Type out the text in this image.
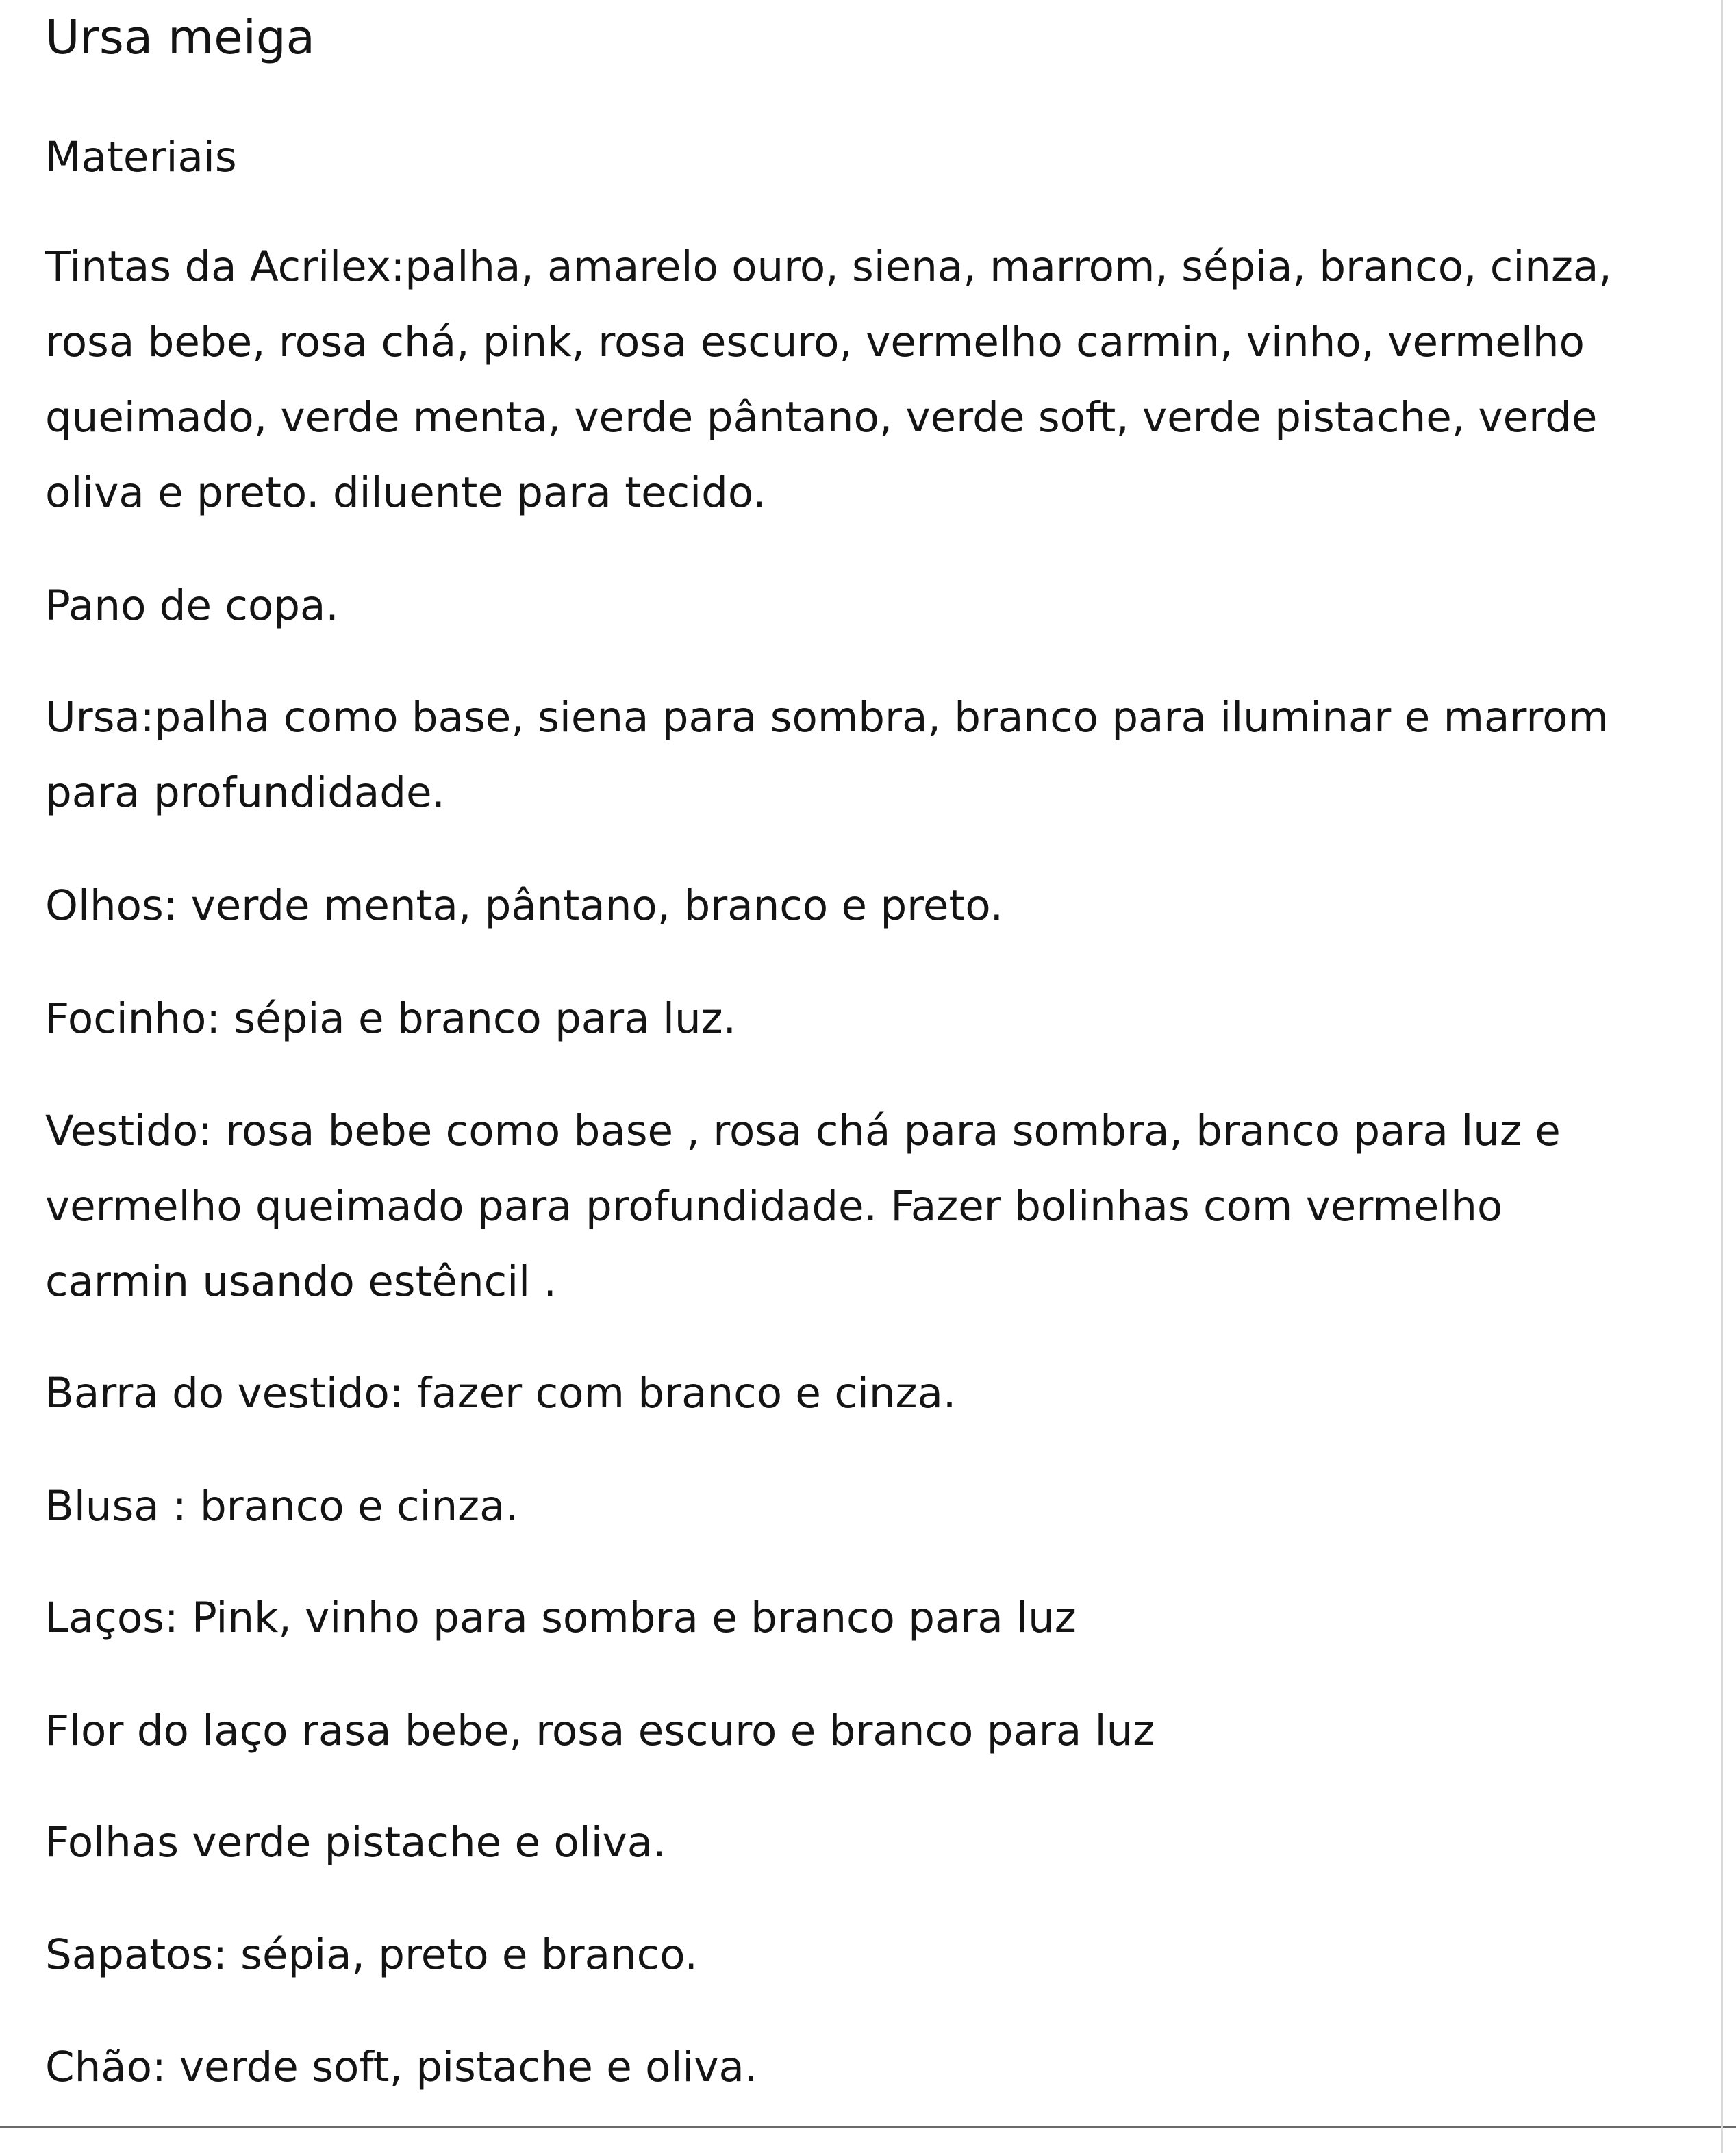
Ursa meiga

Materiais

Tintas da Acrilex:palha, amarelo ouro, siena, marrom, sépia, branco, cinza,

rosa bebe, rosa chá, pink, rosa escuro, vermelho carmin, vinho, vermelho

queimado, verde menta, verde pântano, verde soft, verde pistache, verde

oliva e preto. diluente para tecido.

Pano de copa.

Ursa:palha como base, siena para sombra, branco para iluminar e marrom

para profundidade.

Olhos: verde menta, pântano, branco e preto.

Focinho: sépia e branco para luz.

Vestido: rosa bebe como base , rosa chá para sombra, branco para luz e

vermelho queimado para profundidade. Fazer bolinhas com vermelho

carmin usando estêncil .

Barra do vestido: fazer com branco e cinza.

Blusa : branco e cinza.

Laços: Pink, vinho para sombra e branco para luz

Flor do laço rasa bebe, rosa escuro e branco para luz

Folhas verde pistache e oliva.

Sapatos: sépia, preto e branco.

Chão: verde soft, pistache e oliva.
